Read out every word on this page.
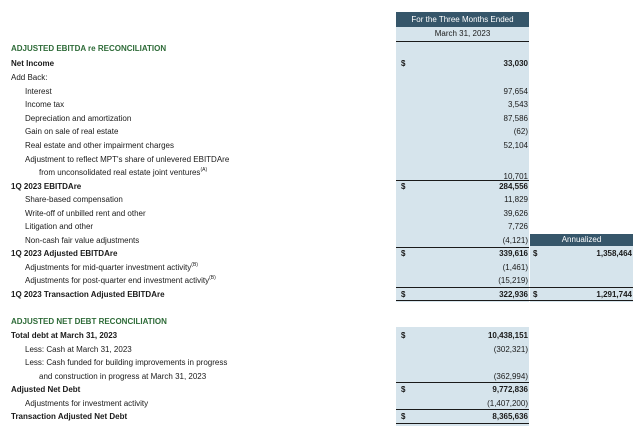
For the Three Months Ended
March 31, 2023
Annualized
ADJUSTED EBITDA re RECONCILIATION
Net Income	$	33,030
Add Back:
Interest	97,654
Income tax	3,543
Depreciation and amortization	87,586
Gain on sale of real estate	(62)
Real estate and other impairment charges	52,104
Adjustment to reflect MPT's share of unlevered EBITDAre
from unconsolidated real estate joint ventures$^{(A)}$
10,701
1Q 2023 EBITDAre	$	284,556
Share-based compensation	11,829
Write-off of unbilled rent and other	39,626
Litigation and other	7,726
Non-cash fair value adjustments	(4,121)
1Q 2023 Adjusted EBITDAre	$	339,616 $	1,358,464
Adjustments for mid-quarter investment activity$^{(B)}$	(1,461)
Adjustments for post-quarter end investment activity$^{(B)}$	(15,219)
1Q 2023 Transaction Adjusted EBITDAre	$	322,936 $	1,291,744
ADJUSTED NET DEBT RECONCILIATION
Total debt at March 31, 2023	$	10,438,151
Less: Cash at March 31, 2023	(302,321)
Less: Cash funded for building improvements in progress
and construction in progress at March 31, 2023	(362,994)
Adjusted Net Debt	$	9,772,836
Adjustments for investment activity	(1,407,200)
Transaction Adjusted Net Debt	$	8,365,636
